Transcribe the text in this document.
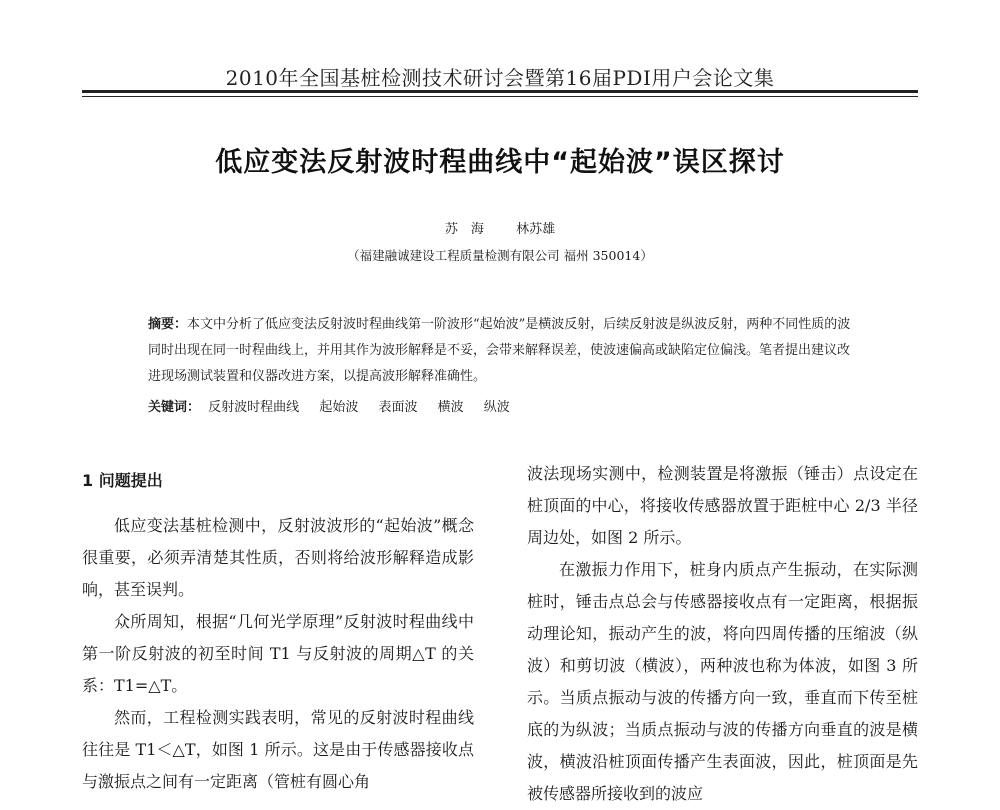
2010年全国基桩检测技术研讨会暨第16届PDI用户会论文集
低应变法反射波时程曲线中“起始波”误区探讨
苏　海 林苏雄
（福建融诚建设工程质量检测有限公司 福州 350014）
摘要：本文中分析了低应变法反射波时程曲线第一阶波形“起始波”是横波反射，后续反射波是纵波反射，两种不同性质的波同时出现在同一时程曲线上，并用其作为波形解释是不妥，会带来解释误差，使波速偏高或缺陷定位偏浅。笔者提出建议改进现场测试装置和仪器改进方案，以提高波形解释准确性。
关键词： 反射波时程曲线 起始波 表面波 横波 纵波
1 问题提出

低应变法基桩检测中，反射波波形的“起始波”概念很重要，必须弄清楚其性质，否则将给波形解释造成影响，甚至误判。

众所周知，根据“几何光学原理”反射波时程曲线中第一阶反射波的初至时间 T1 与反射波的周期△T 的关系：T1=△T。

然而，工程检测实践表明，常见的反射波时程曲线往往是 T1＜△T，如图 1 所示。这是由于传感器接收点与激振点之间有一定距离（管桩有圆心角

波法现场实测中，检测装置是将激振（锤击）点设定在桩顶面的中心，将接收传感器放置于距桩中心 2/3 半径周边处，如图 2 所示。

在激振力作用下，桩身内质点产生振动，在实际测桩时，锤击点总会与传感器接收点有一定距离，根据振动理论知，振动产生的波，将向四周传播的压缩波（纵波）和剪切波（横波），两种波也称为体波，如图 3 所示。当质点振动与波的传播方向一致，垂直而下传至桩底的为纵波；当质点振动与波的传播方向垂直的波是横波，横波沿桩顶面传播产生表面波，因此，桩顶面是先被传感器所接收到的波应
